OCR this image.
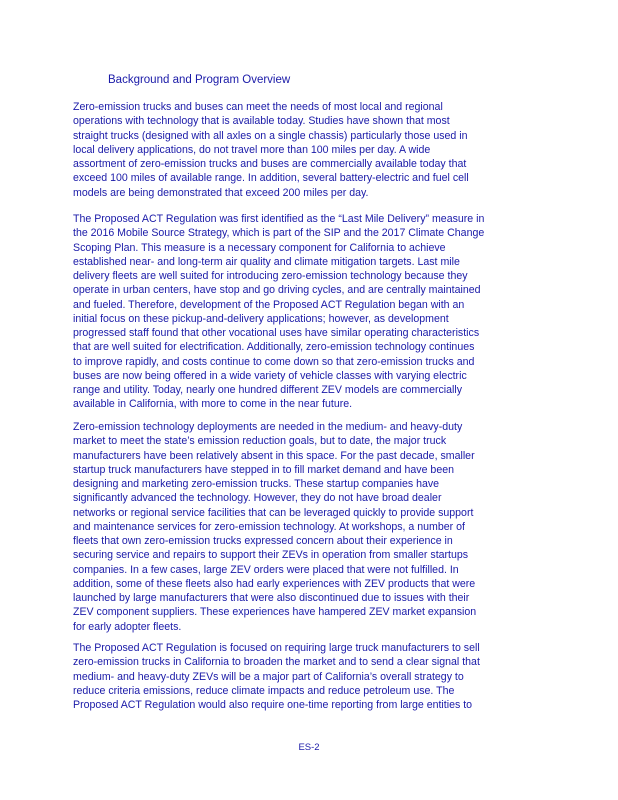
Background and Program Overview

Zero-emission trucks and buses can meet the needs of most local and regional
operations with technology that is available today. Studies have shown that most
straight trucks (designed with all axles on a single chassis) particularly those used in
local delivery applications, do not travel more than 100 miles per day. A wide
assortment of zero-emission trucks and buses are commercially available today that
exceed 100 miles of available range. In addition, several battery-electric and fuel cell
models are being demonstrated that exceed 200 miles per day.

The Proposed ACT Regulation was first identified as the “Last Mile Delivery” measure in
the 2016 Mobile Source Strategy, which is part of the SIP and the 2017 Climate Change
Scoping Plan. This measure is a necessary component for California to achieve
established near- and long-term air quality and climate mitigation targets. Last mile
delivery fleets are well suited for introducing zero-emission technology because they
operate in urban centers, have stop and go driving cycles, and are centrally maintained
and fueled. Therefore, development of the Proposed ACT Regulation began with an
initial focus on these pickup-and-delivery applications; however, as development
progressed staff found that other vocational uses have similar operating characteristics
that are well suited for electrification. Additionally, zero-emission technology continues
to improve rapidly, and costs continue to come down so that zero-emission trucks and
buses are now being offered in a wide variety of vehicle classes with varying electric
range and utility. Today, nearly one hundred different ZEV models are commercially
available in California, with more to come in the near future.

Zero-emission technology deployments are needed in the medium- and heavy-duty
market to meet the state’s emission reduction goals, but to date, the major truck
manufacturers have been relatively absent in this space. For the past decade, smaller
startup truck manufacturers have stepped in to fill market demand and have been
designing and marketing zero-emission trucks. These startup companies have
significantly advanced the technology. However, they do not have broad dealer
networks or regional service facilities that can be leveraged quickly to provide support
and maintenance services for zero-emission technology. At workshops, a number of
fleets that own zero-emission trucks expressed concern about their experience in
securing service and repairs to support their ZEVs in operation from smaller startups
companies. In a few cases, large ZEV orders were placed that were not fulfilled. In
addition, some of these fleets also had early experiences with ZEV products that were
launched by large manufacturers that were also discontinued due to issues with their
ZEV component suppliers. These experiences have hampered ZEV market expansion
for early adopter fleets.

The Proposed ACT Regulation is focused on requiring large truck manufacturers to sell
zero-emission trucks in California to broaden the market and to send a clear signal that
medium- and heavy-duty ZEVs will be a major part of California’s overall strategy to
reduce criteria emissions, reduce climate impacts and reduce petroleum use. The
Proposed ACT Regulation would also require one-time reporting from large entities to

ES-2
